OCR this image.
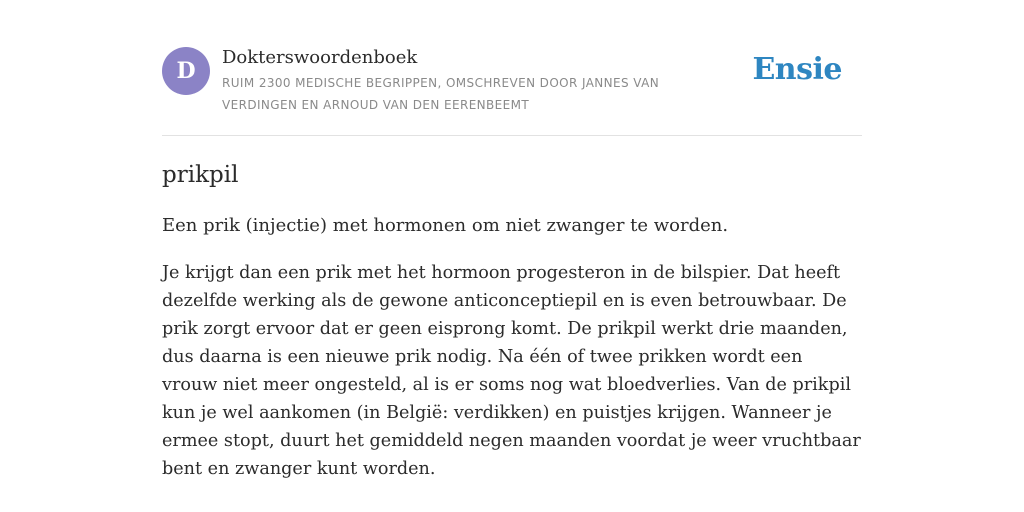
D
Dokterswoordenboek
RUIM 2300 MEDISCHE BEGRIPPEN, OMSCHREVEN DOOR JANNES VAN VERDINGEN EN ARNOUD VAN DEN EERENBEEMT
Ensie
prikpil

Een prik (injectie) met hormonen om niet zwanger te worden.

Je krijgt dan een prik met het hormoon progesteron in de bilspier. Dat heeft dezelfde werking als de gewone anticonceptiepil en is even betrouwbaar. De prik zorgt ervoor dat er geen eisprong komt. De prikpil werkt drie maanden, dus daarna is een nieuwe prik nodig. Na één of twee prikken wordt een vrouw niet meer ongesteld, al is er soms nog wat bloedverlies. Van de prikpil kun je wel aankomen (in België: verdikken) en puistjes krijgen. Wanneer je ermee stopt, duurt het gemiddeld negen maanden voordat je weer vruchtbaar bent en zwanger kunt worden.
